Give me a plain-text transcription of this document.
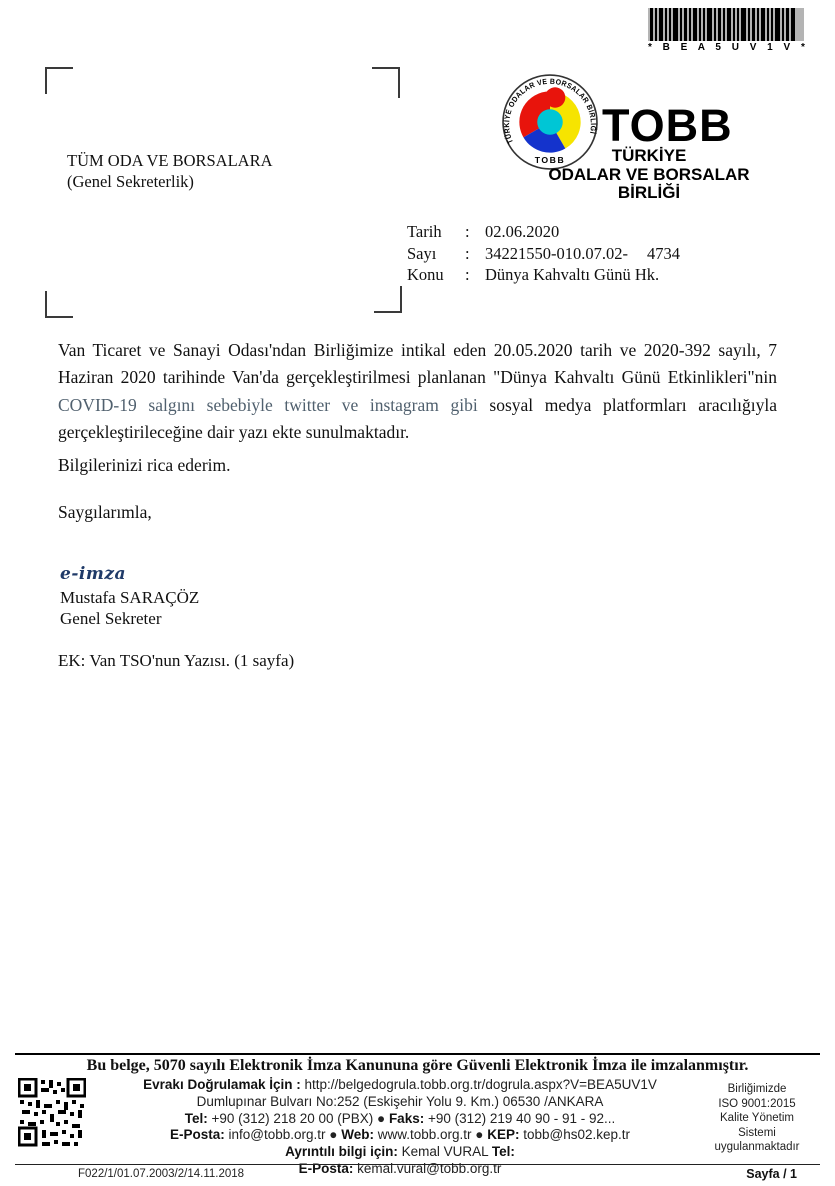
* B E A 5 U V 1 V *
TÜM ODA VE BORSALARA
(Genel Sekreterlik)
TÜRKİYE ODALAR VE BORSALAR BİRLİĞİ
TOBB
TOBB
TÜRKİYE
ODALAR VE BORSALAR
BİRLİĞİ
Tarih	: 02.06.2020
Sayı	: 34221550-010.07.02- 4734
Konu	: Dünya Kahvaltı Günü Hk.

Van Ticaret ve Sanayi Odası'ndan Birliğimize intikal eden 20.05.2020 tarih ve 2020-392 sayılı, 7 Haziran 2020 tarihinde Van'da gerçekleştirilmesi planlanan "Dünya Kahvaltı Günü Etkinlikleri"nin COVID-19 salgını sebebiyle twitter ve instagram gibi sosyal medya platformları aracılığıyla gerçekleştirileceğine dair yazı ekte sunulmaktadır.

Bilgilerinizi rica ederim.
Saygılarımla,
e-imza
Mustafa SARAÇÖZ
Genel Sekreter
EK: Van TSO'nun Yazısı. (1 sayfa)
Bu belge, 5070 sayılı Elektronik İmza Kanununa göre Güvenli Elektronik İmza ile imzalanmıştır.
Evrakı Doğrulamak İçin : http://belgedogrula.tobb.org.tr/dogrula.aspx?V=BEA5UV1V
Dumlupınar Bulvarı No:252 (Eskişehir Yolu 9. Km.) 06530 /ANKARA
Tel: +90 (312) 218 20 00 (PBX) ● Faks: +90 (312) 219 40 90 - 91 - 92...
E-Posta: info@tobb.org.tr ● Web: www.tobb.org.tr ● KEP: tobb@hs02.kep.tr
Ayrıntılı bilgi için: Kemal VURAL Tel:
E-Posta: kemal.vural@tobb.org.tr
Birliğimizde
ISO 9001:2015
Kalite Yönetim
Sistemi
uygulanmaktadır
F022/1/01.07.2003/2/14.11.2018	Sayfa / 1
